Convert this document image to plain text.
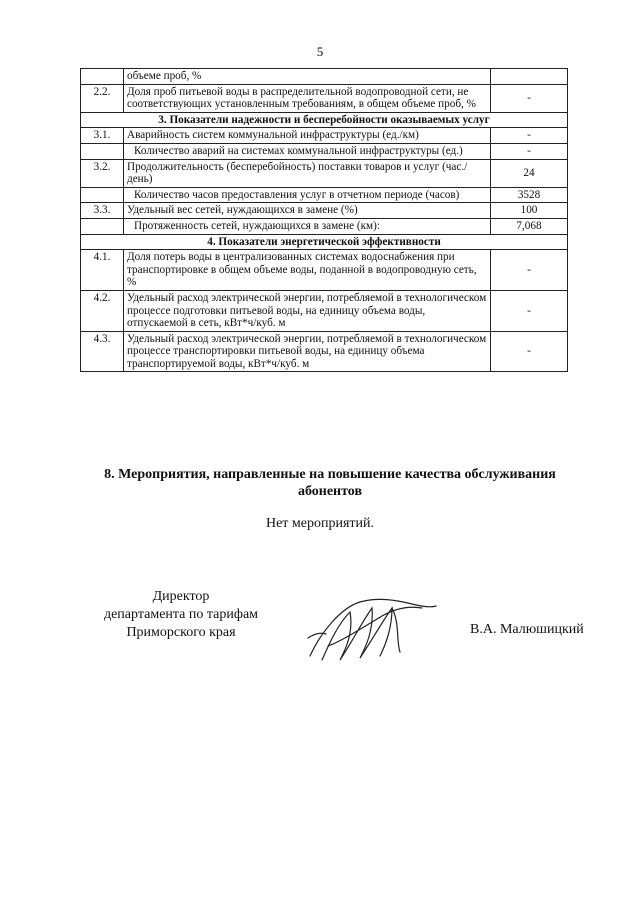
5
	объеме проб, %	
2.2.	Доля проб питьевой воды в распределительной водопроводной сети, не соответствующих установленным требованиям, в общем объеме проб, %	-
3. Показатели надежности и бесперебойности оказываемых услуг		
3.1.	Аварийность систем коммунальной инфраструктуры (ед./км)	-
	Количество аварий на системах коммунальной инфраструктуры (ед.)	-
3.2.	Продолжительность (бесперебойность) поставки товаров и услуг (час./день)	24
	Количество часов предоставления услуг в отчетном периоде (часов)	3528
3.3.	Удельный вес сетей, нуждающихся в замене (%)	100
	Протяженность сетей, нуждающихся в замене (км):	7,068
4. Показатели энергетической эффективности		
4.1.	Доля потерь воды в централизованных системах водоснабжения при транспортировке в общем объеме воды, поданной в водопроводную сеть, %	-
4.2.	Удельный расход электрической энергии, потребляемой в технологическом процессе подготовки питьевой воды, на единицу объема воды, отпускаемой в сеть, кВт*ч/куб. м	-
4.3.	Удельный расход электрической энергии, потребляемой в технологическом процессе транспортировки питьевой воды, на единицу объема транспортируемой воды, кВт*ч/куб. м	-
8. Мероприятия, направленные на повышение качества обслуживания абонентов
Нет мероприятий.
Директор
департамента по тарифам
Приморского края	В.А. Малюшицкий
